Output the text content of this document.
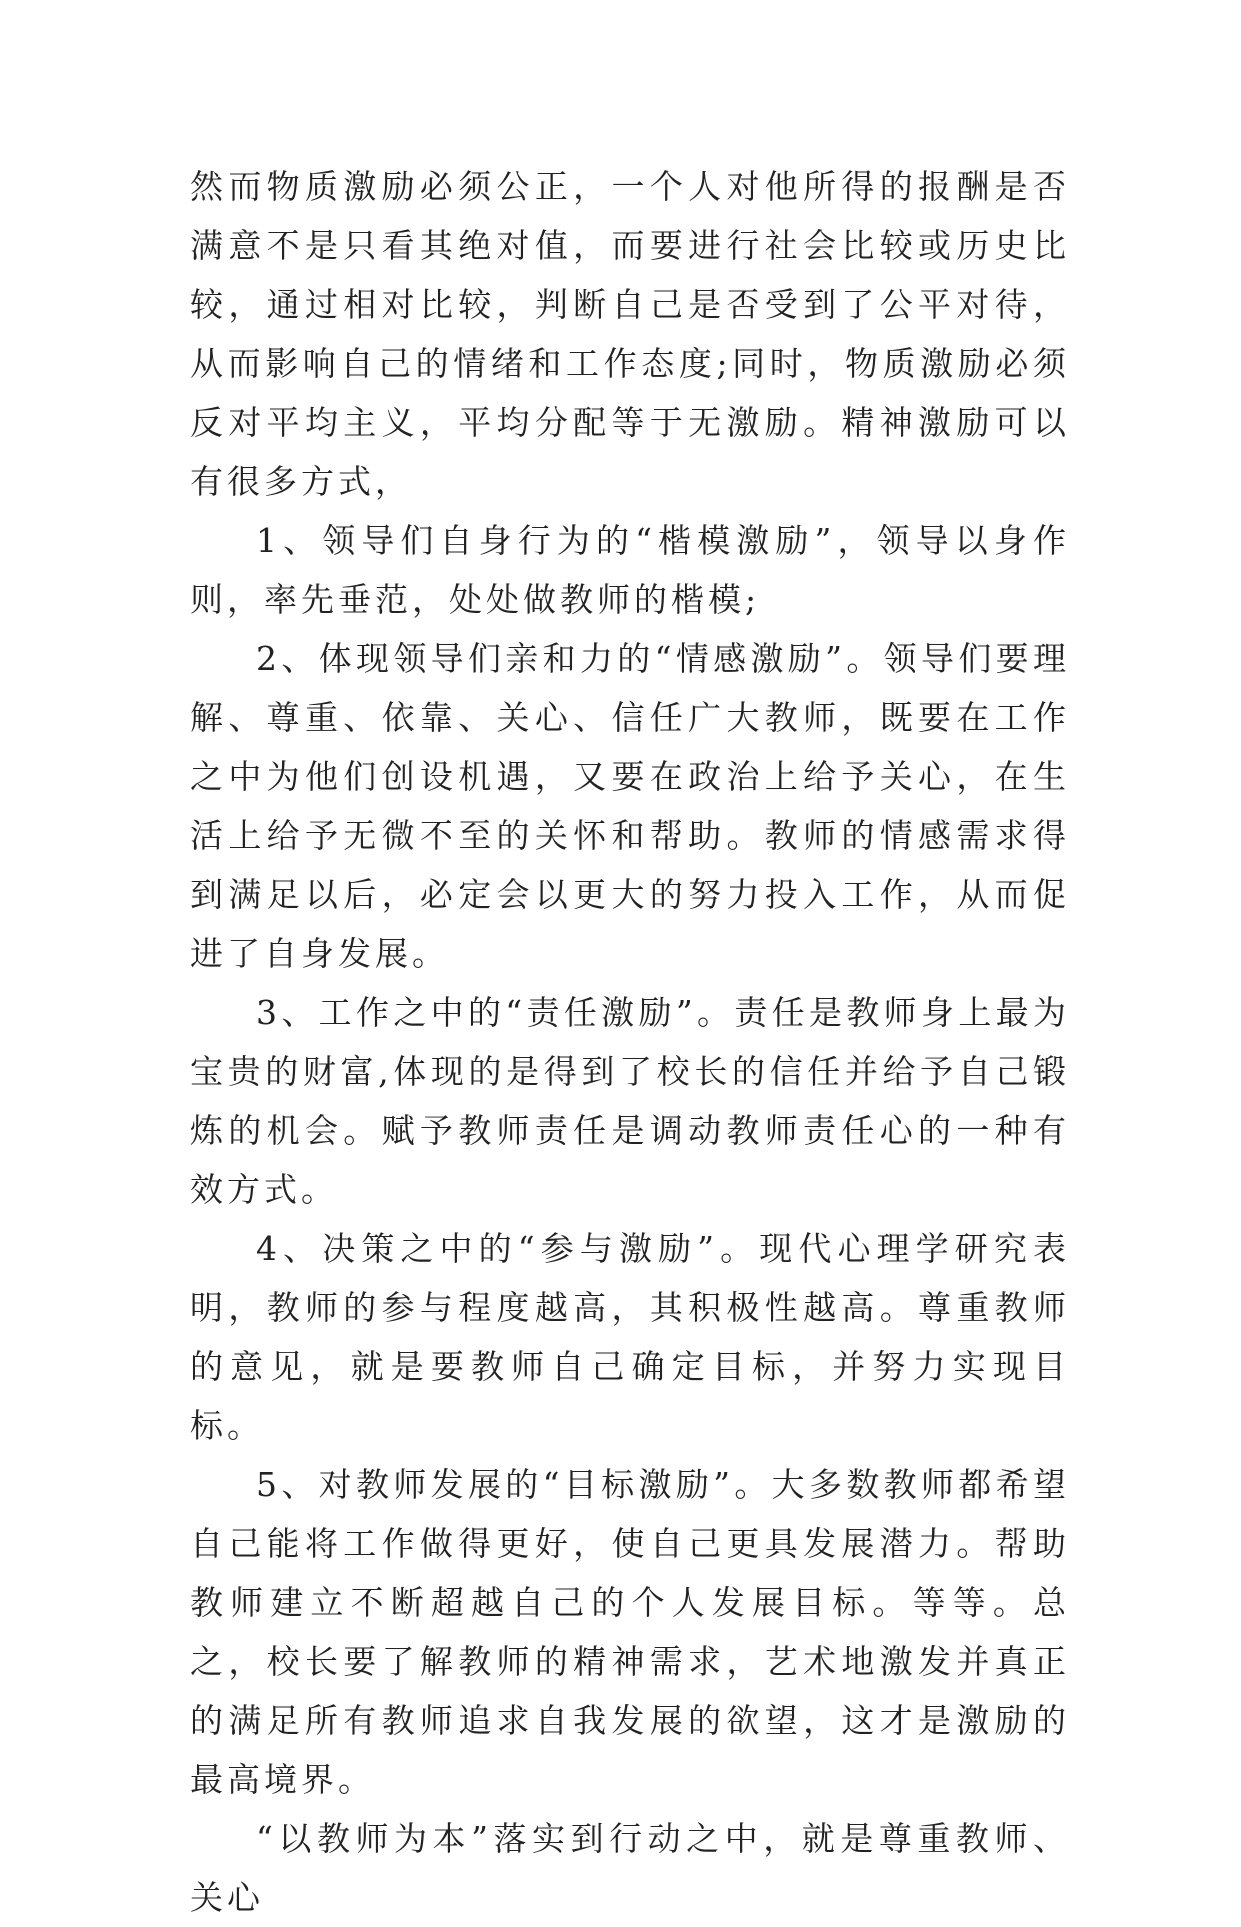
然而物质激励必须公正，一个人对他所得的报酬是否满意不是只看其绝对值，而要进行社会比较或历史比较，通过相对比较，判断自己是否受到了公平对待，从而影响自己的情绪和工作态度;同时，物质激励必须反对平均主义，平均分配等于无激励。精神激励可以有很多方式，

1、领导们自身行为的“楷模激励”，领导以身作则，率先垂范，处处做教师的楷模;

2、体现领导们亲和力的“情感激励”。领导们要理解、尊重、依靠、关心、信任广大教师，既要在工作之中为他们创设机遇，又要在政治上给予关心，在生活上给予无微不至的关怀和帮助。教师的情感需求得到满足以后，必定会以更大的努力投入工作，从而促进了自身发展。

3、工作之中的“责任激励”。责任是教师身上最为宝贵的财富,体现的是得到了校长的信任并给予自己锻炼的机会。赋予教师责任是调动教师责任心的一种有效方式。

4、决策之中的“参与激励”。现代心理学研究表明，教师的参与程度越高，其积极性越高。尊重教师的意见，就是要教师自己确定目标，并努力实现目标。

5、对教师发展的“目标激励”。大多数教师都希望自己能将工作做得更好，使自己更具发展潜力。帮助教师建立不断超越自己的个人发展目标。等等。总之，校长要了解教师的精神需求，艺术地激发并真正的满足所有教师追求自我发展的欲望，这才是激励的最高境界。

“以教师为本”落实到行动之中，就是尊重教师、关心
